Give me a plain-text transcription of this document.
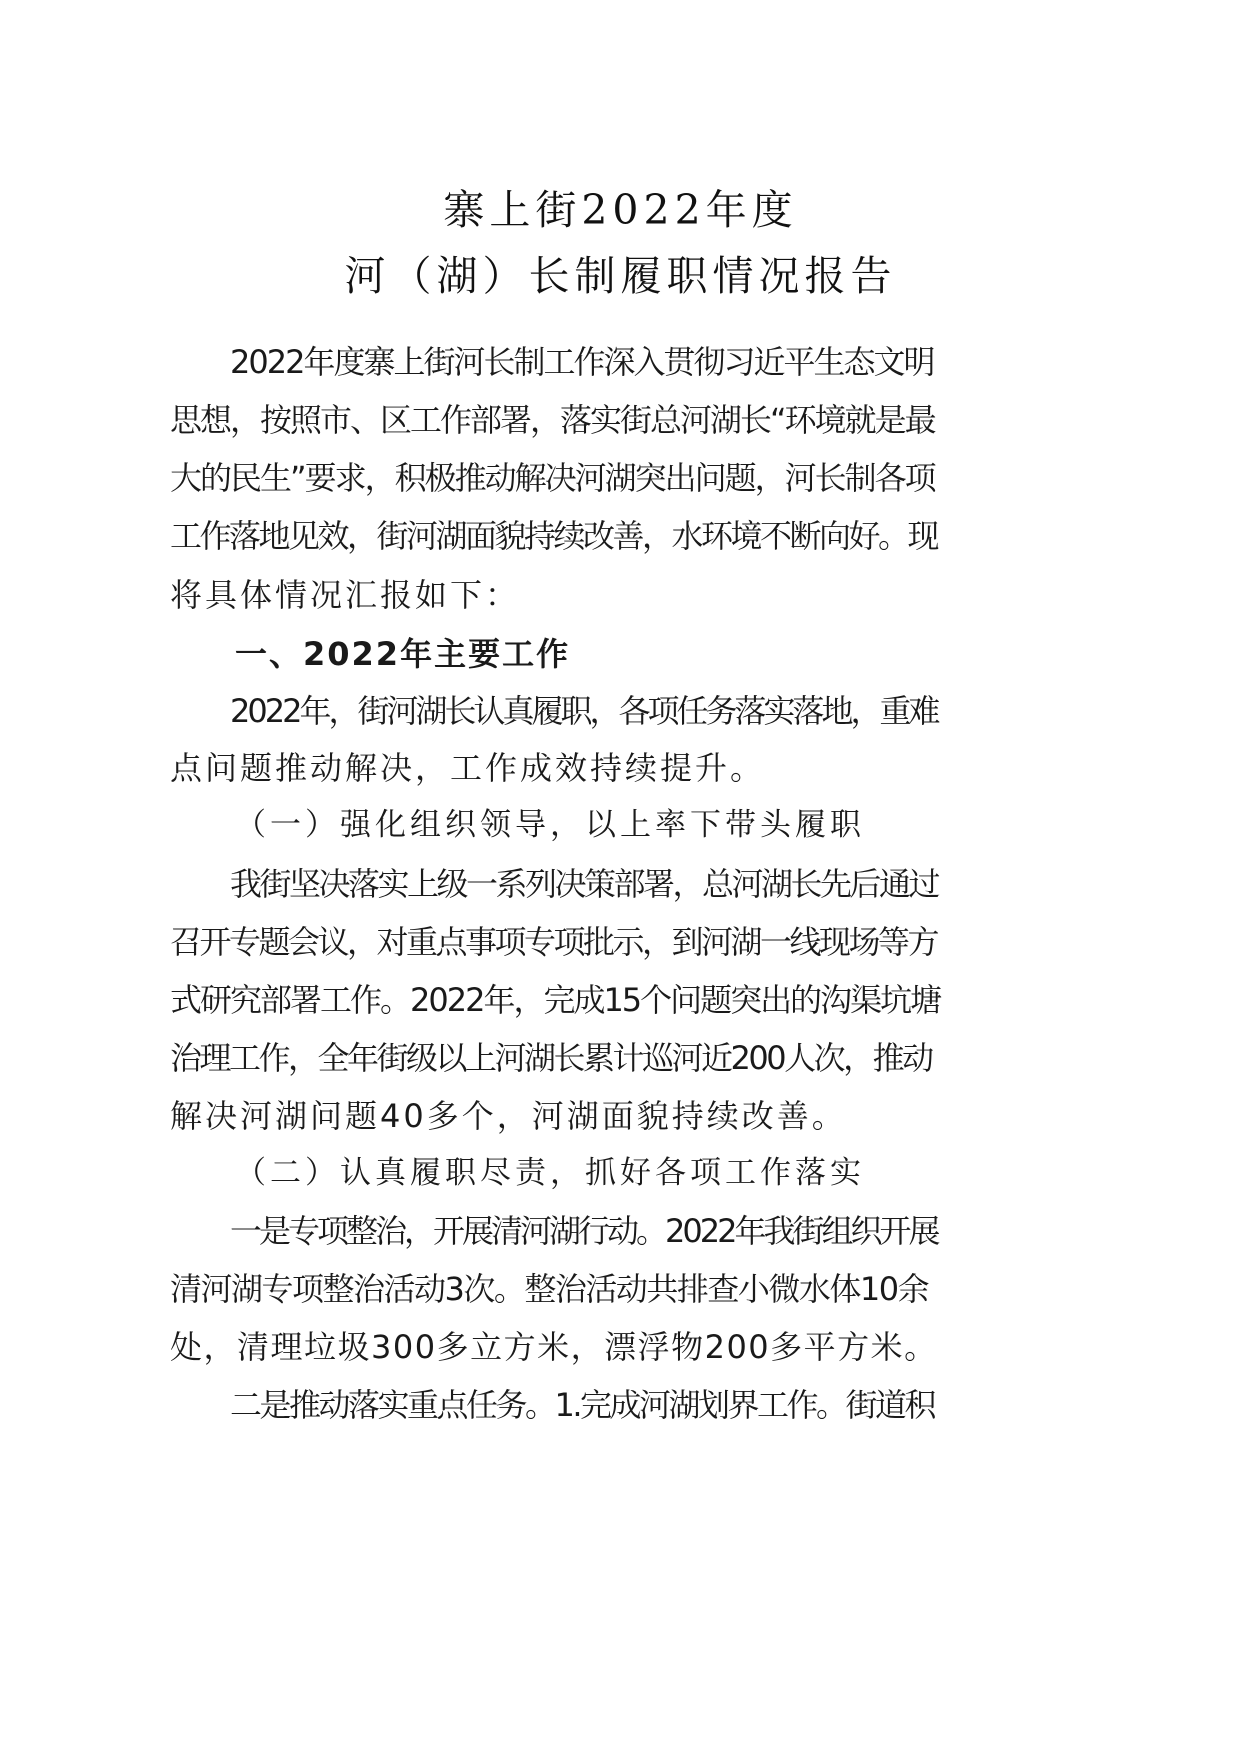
寨上街2022年度
河（湖）长制履职情况报告
2022年度寨上街河长制工作深入贯彻习近平生态文明
思想，按照市、区工作部署，落实街总河湖长“环境就是最
大的民生”要求，积极推动解决河湖突出问题，河长制各项
工作落地见效，街河湖面貌持续改善，水环境不断向好。现
将具体情况汇报如下：
一、2022年主要工作
2022年，街河湖长认真履职，各项任务落实落地，重难
点问题推动解决，工作成效持续提升。
（一）强化组织领导，以上率下带头履职
我街坚决落实上级一系列决策部署，总河湖长先后通过
召开专题会议，对重点事项专项批示，到河湖一线现场等方
式研究部署工作。2022年，完成15个问题突出的沟渠坑塘
治理工作，全年街级以上河湖长累计巡河近200人次，推动
解决河湖问题40多个，河湖面貌持续改善。
（二）认真履职尽责，抓好各项工作落实
一是专项整治，开展清河湖行动。2022年我街组织开展
清河湖专项整治活动3次。整治活动共排查小微水体10余
处，清理垃圾300多立方米，漂浮物200多平方米。
二是推动落实重点任务。1.完成河湖划界工作。街道积
